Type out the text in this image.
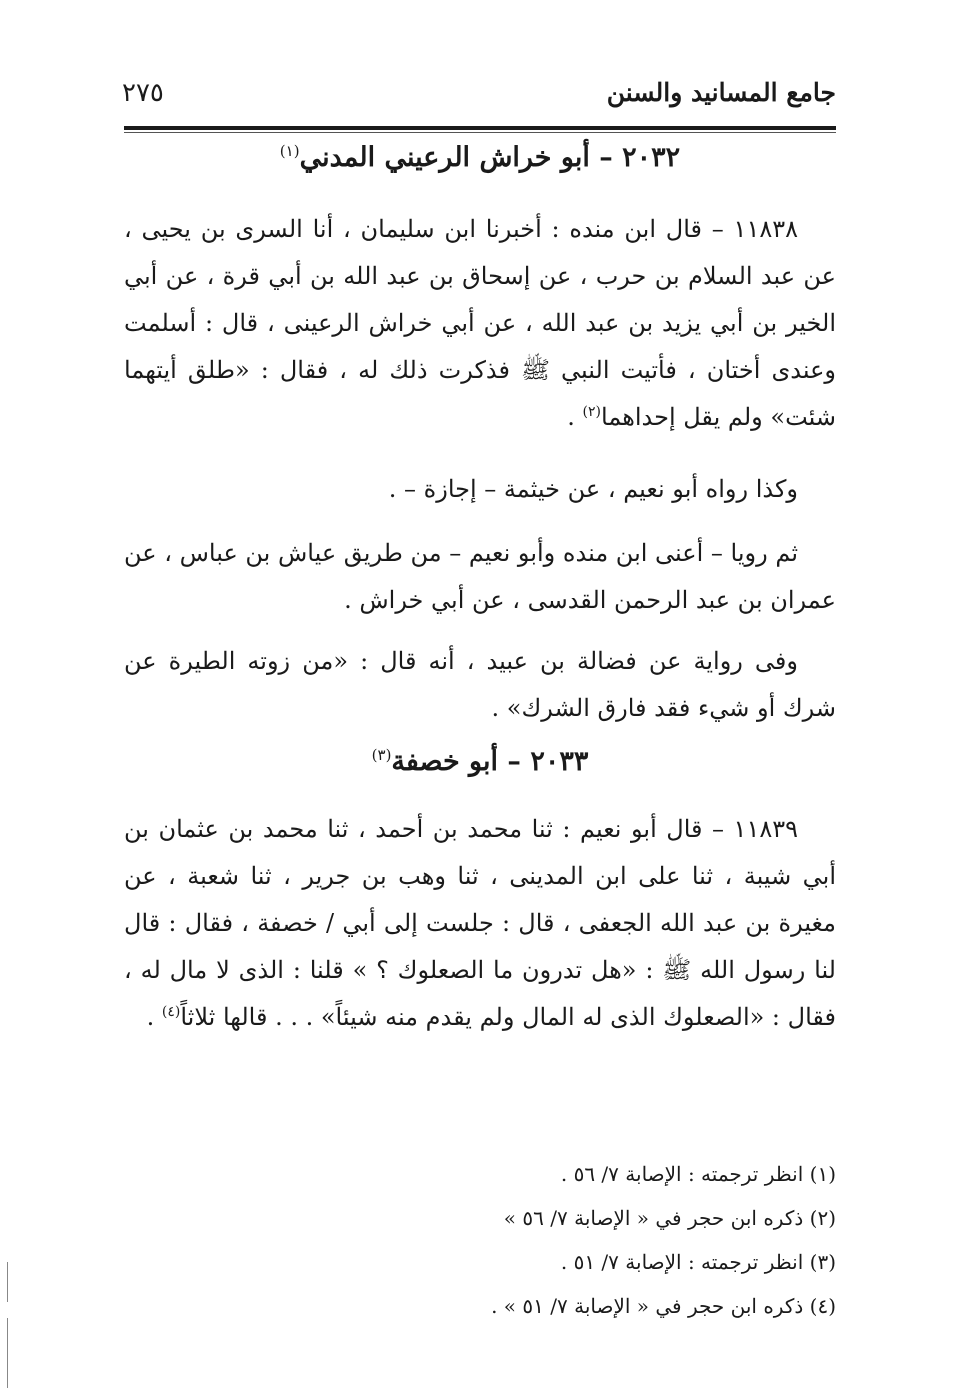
جامع المسانيد والسنن
٢٧٥
٢٠٣٢ – أبو خراش الرعيني المدني$^{(١)}$

١١٨٣٨ – قال ابن منده : أخبرنا ابن سليمان ، أنا السرى بن يحيى ، عن عبد السلام بن حرب ، عن إسحاق بن عبد الله بن أبي قرة ، عن أبي الخير بن أبي يزيد بن عبد الله ، عن أبي خراش الرعينى ، قال : أسلمت وعندى أختان ، فأتيت النبي ﷺ فذكرت ذلك له ، فقال : «طلق أيتهما شئت» ولم يقل إحداهما$^{(٢)}$ .

وكذا رواه أبو نعيم ، عن خيثمة – إجازة – .

ثم رويا – أعنى ابن منده وأبو نعيم – من طريق عياش بن عباس ، عن عمران بن عبد الرحمن القدسى ، عن أبي خراش .

وفى رواية عن فضالة بن عبيد ، أنه قال : «من زوته الطيرة عن شرك أو شيء فقد فارق الشرك» .

٢٠٣٣ – أبو خصفة$^{(٣)}$

١١٨٣٩ – قال أبو نعيم : ثنا محمد بن أحمد ، ثنا محمد بن عثمان بن أبي شيبة ، ثنا على ابن المدينى ، ثنا وهب بن جرير ، ثنا شعبة ، عن مغيرة بن عبد الله الجعفى ، قال : جلست إلى أبي / خصفة ، فقال : قال لنا رسول الله ﷺ : «هل تدرون ما الصعلوك ؟ » قلنا : الذى لا مال له ، فقال : «الصعلوك الذى له المال ولم يقدم منه شيئاً» . . . قالها ثلاثاً$^{(٤)}$ .

(١) انظر ترجمته : الإصابة ٧/ ٥٦ .
(٢) ذكره ابن حجر في « الإصابة ٧/ ٥٦ »
(٣) انظر ترجمته : الإصابة ٧/ ٥١ .
(٤) ذكره ابن حجر في « الإصابة ٧/ ٥١ » .
